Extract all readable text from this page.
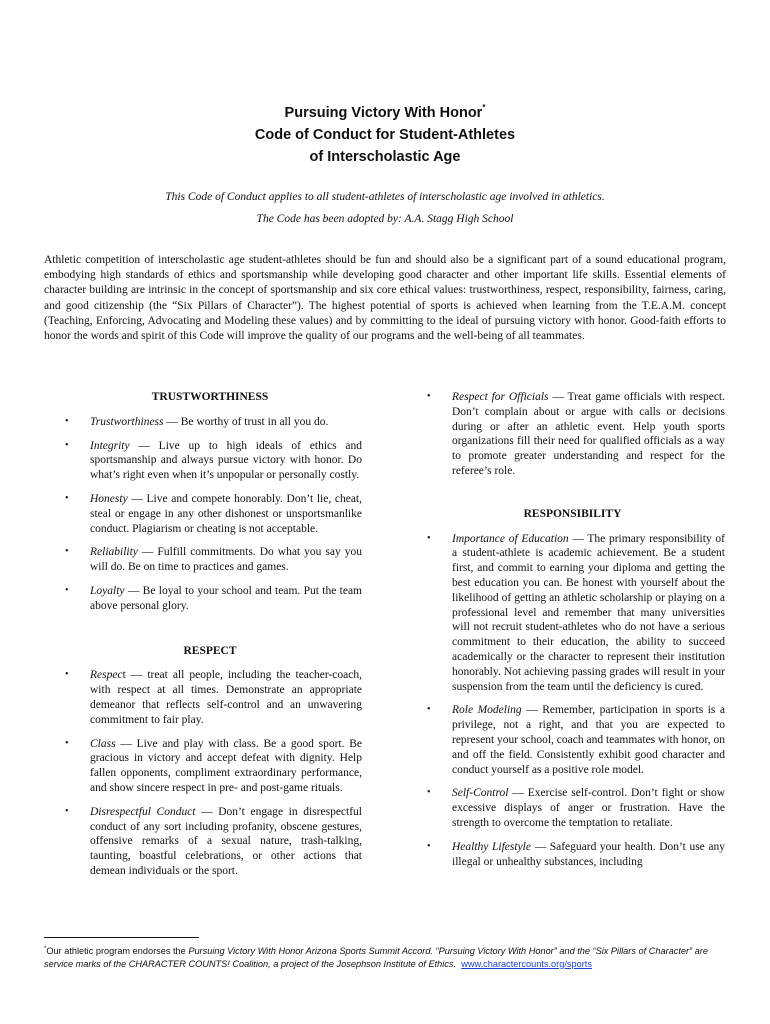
Pursuing Victory With Honor*
Code of Conduct for Student-Athletes
of Interscholastic Age
This Code of Conduct applies to all student-athletes of interscholastic age involved in athletics.
The Code has been adopted by: A.A. Stagg High School

Athletic competition of interscholastic age student-athletes should be fun and should also be a significant part of a sound educational program, embodying high standards of ethics and sportsmanship while developing good character and other important life skills. Essential elements of character building are intrinsic in the concept of sportsmanship and six core ethical values: trustworthiness, respect, responsibility, fairness, caring, and good citizenship (the “Six Pillars of Character”). The highest potential of sports is achieved when learning from the T.E.A.M. concept (Teaching, Enforcing, Advocating and Modeling these values) and by committing to the ideal of pursuing victory with honor. Good-faith efforts to honor the words and spirit of this Code will improve the quality of our programs and the well-being of all teammates.

TRUSTWORTHINESS
• Trustworthiness — Be worthy of trust in all you do.
• Integrity — Live up to high ideals of ethics and sportsmanship and always pursue victory with honor. Do what’s right even when it’s unpopular or personally costly.
• Honesty — Live and compete honorably. Don’t lie, cheat, steal or engage in any other dishonest or unsportsmanlike conduct. Plagiarism or cheating is not acceptable.
• Reliability — Fulfill commitments. Do what you say you will do. Be on time to practices and games.
• Loyalty — Be loyal to your school and team. Put the team above personal glory.
RESPECT
• Respect — treat all people, including the teacher-coach, with respect at all times. Demonstrate an appropriate demeanor that reflects self-control and an unwavering commitment to fair play.
• Class — Live and play with class. Be a good sport. Be gracious in victory and accept defeat with dignity. Help fallen opponents, compliment extraordinary performance, and show sincere respect in pre- and post-game rituals.
• Disrespectful Conduct — Don’t engage in disrespectful conduct of any sort including profanity, obscene gestures, offensive remarks of a sexual nature, trash-talking, taunting, boastful celebrations, or other actions that demean individuals or the sport.
• Respect for Officials — Treat game officials with respect. Don’t complain about or argue with calls or decisions during or after an athletic event. Help youth sports organizations fill their need for qualified officials as a way to promote greater understanding and respect for the referee’s role.
RESPONSIBILITY
• Importance of Education — The primary responsibility of a student-athlete is academic achievement. Be a student first, and commit to earning your diploma and getting the best education you can. Be honest with yourself about the likelihood of getting an athletic scholarship or playing on a professional level and remember that many universities will not recruit student-athletes who do not have a serious commitment to their education, the ability to succeed academically or the character to represent their institution honorably. Not achieving passing grades will result in your suspension from the team until the deficiency is cured.
• Role Modeling — Remember, participation in sports is a privilege, not a right, and that you are expected to represent your school, coach and teammates with honor, on and off the field. Consistently exhibit good character and conduct yourself as a positive role model.
• Self-Control — Exercise self-control. Don’t fight or show excessive displays of anger or frustration. Have the strength to overcome the temptation to retaliate.
• Healthy Lifestyle — Safeguard your health. Don’t use any illegal or unhealthy substances, including
*Our athletic program endorses the Pursuing Victory With Honor Arizona Sports Summit Accord. “Pursuing Victory With Honor” and the “Six Pillars of Character” are service marks of the CHARACTER COUNTS! Coalition, a project of the Josephson Institute of Ethics. www.charactercounts.org/sports
